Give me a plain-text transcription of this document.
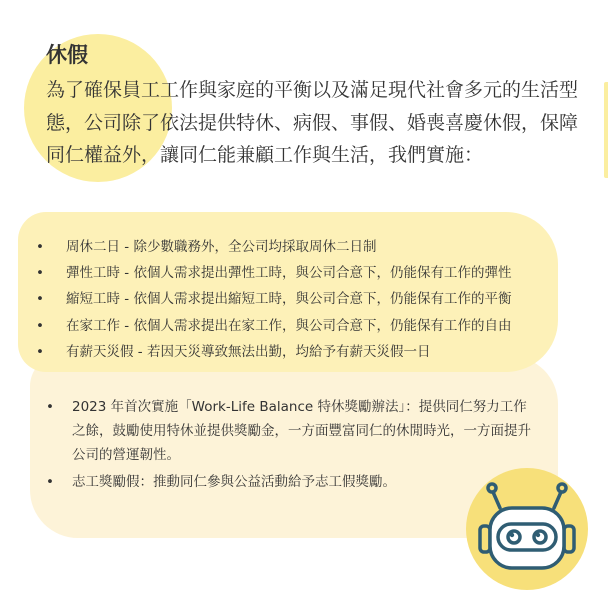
休假

為了確保員工工作與家庭的平衡以及滿足現代社會多元的生活型態，公司除了依法提供特休、病假、事假、婚喪喜慶休假，保障同仁權益外，讓同仁能兼顧工作與生活，我們實施：

• 周休二日 - 除少數職務外，全公司均採取周休二日制
• 彈性工時 - 依個人需求提出彈性工時，與公司合意下，仍能保有工作的彈性
• 縮短工時 - 依個人需求提出縮短工時，與公司合意下，仍能保有工作的平衡
• 在家工作 - 依個人需求提出在家工作，與公司合意下，仍能保有工作的自由
• 有薪天災假 - 若因天災導致無法出勤，均給予有薪天災假一日
• 2023 年首次實施「Work-Life Balance 特休獎勵辦法」：提供同仁努力工作之餘，鼓勵使用特休並提供獎勵金，一方面豐富同仁的休閒時光，一方面提升公司的營運韌性。
• 志工獎勵假：推動同仁參與公益活動給予志工假獎勵。
